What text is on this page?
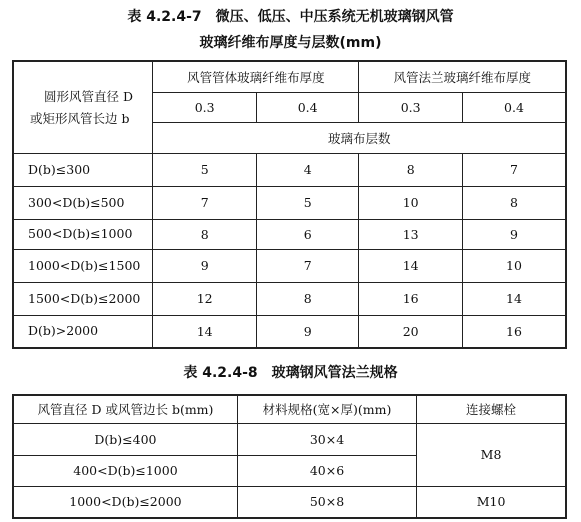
表 4.2.4-7　微压、低压、中压系统无机玻璃钢风管
玻璃纤维布厚度与层数(mm)
圆形风管直径 D
或矩形风管长边 b	风管管体玻璃纤维布厚度		风管法兰玻璃纤维布厚度	
	0.3	0.4	0.3	0.4
	玻璃布层数			
D(b)≤300	5	4	8	7
300<D(b)≤500	7	5	10	8
500<D(b)≤1000	8	6	13	9
1000<D(b)≤1500	9	7	14	10
1500<D(b)≤2000	12	8	16	14
D(b)>2000	14	9	20	16
表 4.2.4-8　玻璃钢风管法兰规格
风管直径 D 或风管边长 b(mm)	材料规格(宽×厚)(mm)	连接螺栓
D(b)≤400	30×4	M8
400<D(b)≤1000	40×6	
1000<D(b)≤2000	50×8	M10
